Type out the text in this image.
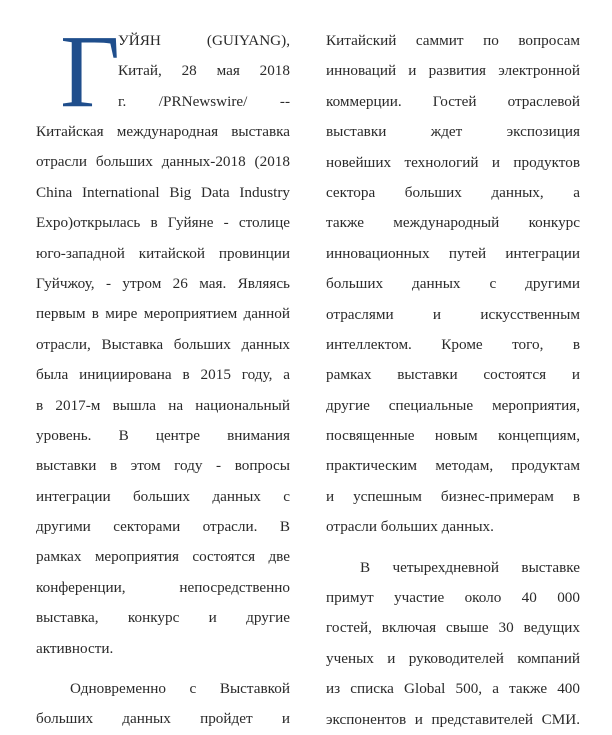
Г
УЙЯН (GUIYANG),
Китай, 28 мая 2018
г. /PRNewswire/ --
Китайская международная выставка
отрасли больших данных-2018 (2018
China International Big Data Industry
Expo)открылась в Гуйяне - столице
юго-западной китайской провинции
Гуйчжоу, - утром 26 мая. Являясь
первым в мире мероприятием данной
отрасли, Выставка больших данных
была инициирована в 2015 году, а
в 2017-м вышла на национальный
уровень. В центре внимания
выставки в этом году - вопросы
интеграции больших данных с
другими секторами отрасли. В
рамках мероприятия состоятся две
конференции, непосредственно
выставка, конкурс и другие
активности.
Одновременно с Выставкой
больших данных пройдет и
Китайский саммит по вопросам
инноваций и развития электронной
коммерции. Гостей отраслевой
выставки ждет экспозиция
новейших технологий и продуктов
сектора больших данных, а
также международный конкурс
инновационных путей интеграции
больших данных с другими
отраслями и искусственным
интеллектом. Кроме того, в
рамках выставки состоятся и
другие специальные мероприятия,
посвященные новым концепциям,
практическим методам, продуктам
и успешным бизнес-примерам в
отрасли больших данных.
В четырехдневной выставке
примут участие около 40 000
гостей, включая свыше 30 ведущих
ученых и руководителей компаний
из списка Global 500, а также 400
экспонентов и представителей СМИ.
